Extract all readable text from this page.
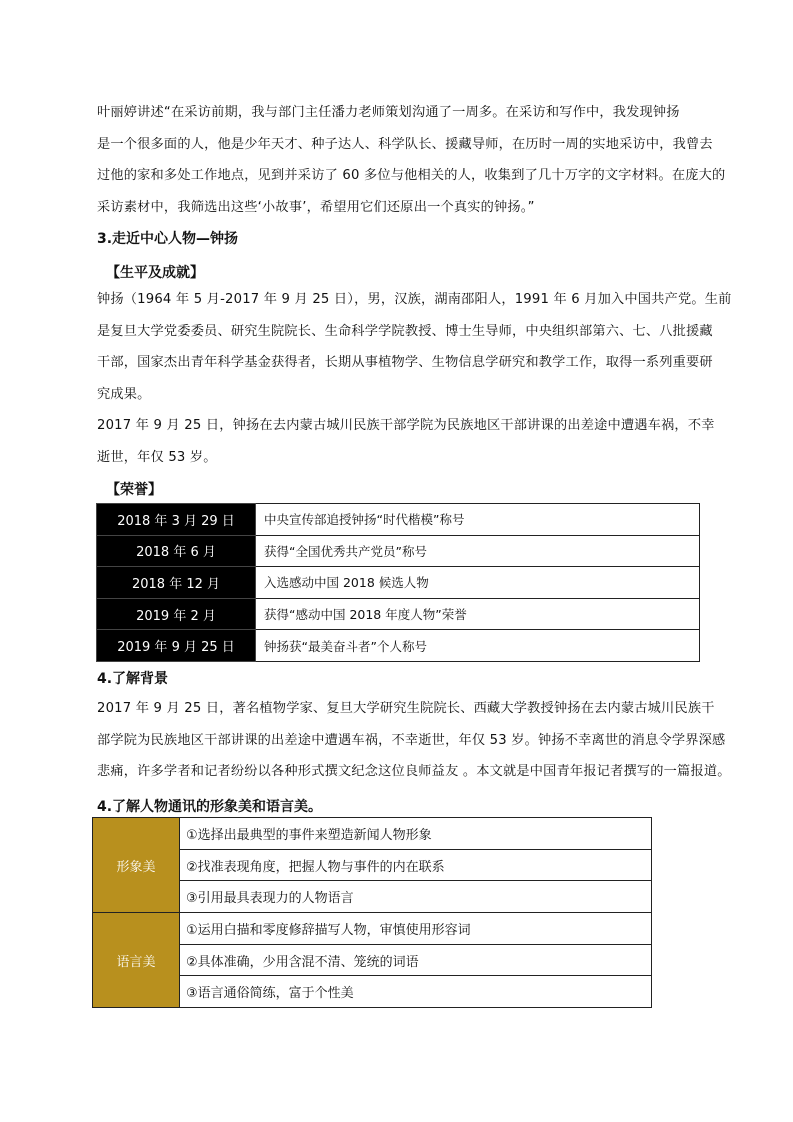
叶丽婷讲述“在采访前期，我与部门主任潘力老师策划沟通了一周多。在采访和写作中，我发现钟扬
是一个很多面的人，他是少年天才、种子达人、科学队长、援藏导师，在历时一周的实地采访中，我曾去
过他的家和多处工作地点，见到并采访了 60 多位与他相关的人，收集到了几十万字的文字材料。在庞大的
采访素材中，我筛选出这些‘小故事’，希望用它们还原出一个真实的钟扬。”
3.走近中心人物—钟扬
【生平及成就】
钟扬（1964 年 5 月-2017 年 9 月 25 日），男，汉族，湖南邵阳人，1991 年 6 月加入中国共产党。生前
是复旦大学党委委员、研究生院院长、生命科学学院教授、博士生导师，中央组织部第六、七、八批援藏
干部，国家杰出青年科学基金获得者，长期从事植物学、生物信息学研究和教学工作，取得一系列重要研
究成果。
2017 年 9 月 25 日，钟扬在去内蒙古城川民族干部学院为民族地区干部讲课的出差途中遭遇车祸，不幸
逝世，年仅 53 岁。
【荣誉】
2018 年 3 月 29 日	中央宣传部追授钟扬“时代楷模”称号
2018 年 6 月	获得“全国优秀共产党员”称号
2018 年 12 月	入选感动中国 2018 候选人物
2019 年 2 月	获得“感动中国 2018 年度人物”荣誉
2019 年 9 月 25 日	钟扬获“最美奋斗者”个人称号
4.了解背景
2017 年 9 月 25 日，著名植物学家、复旦大学研究生院院长、西藏大学教授钟扬在去内蒙古城川民族干
部学院为民族地区干部讲课的出差途中遭遇车祸，不幸逝世，年仅 53 岁。钟扬不幸离世的消息令学界深感
悲痛，许多学者和记者纷纷以各种形式撰文纪念这位良师益友 。本文就是中国青年报记者撰写的一篇报道。
4.了解人物通讯的形象美和语言美。
形象美	①选择出最典型的事件来塑造新闻人物形象
	②找准表现角度，把握人物与事件的内在联系
	③引用最具表现力的人物语言
语言美	①运用白描和零度修辞描写人物，审慎使用形容词
	②具体准确，少用含混不清、笼统的词语
	③语言通俗简练，富于个性美
